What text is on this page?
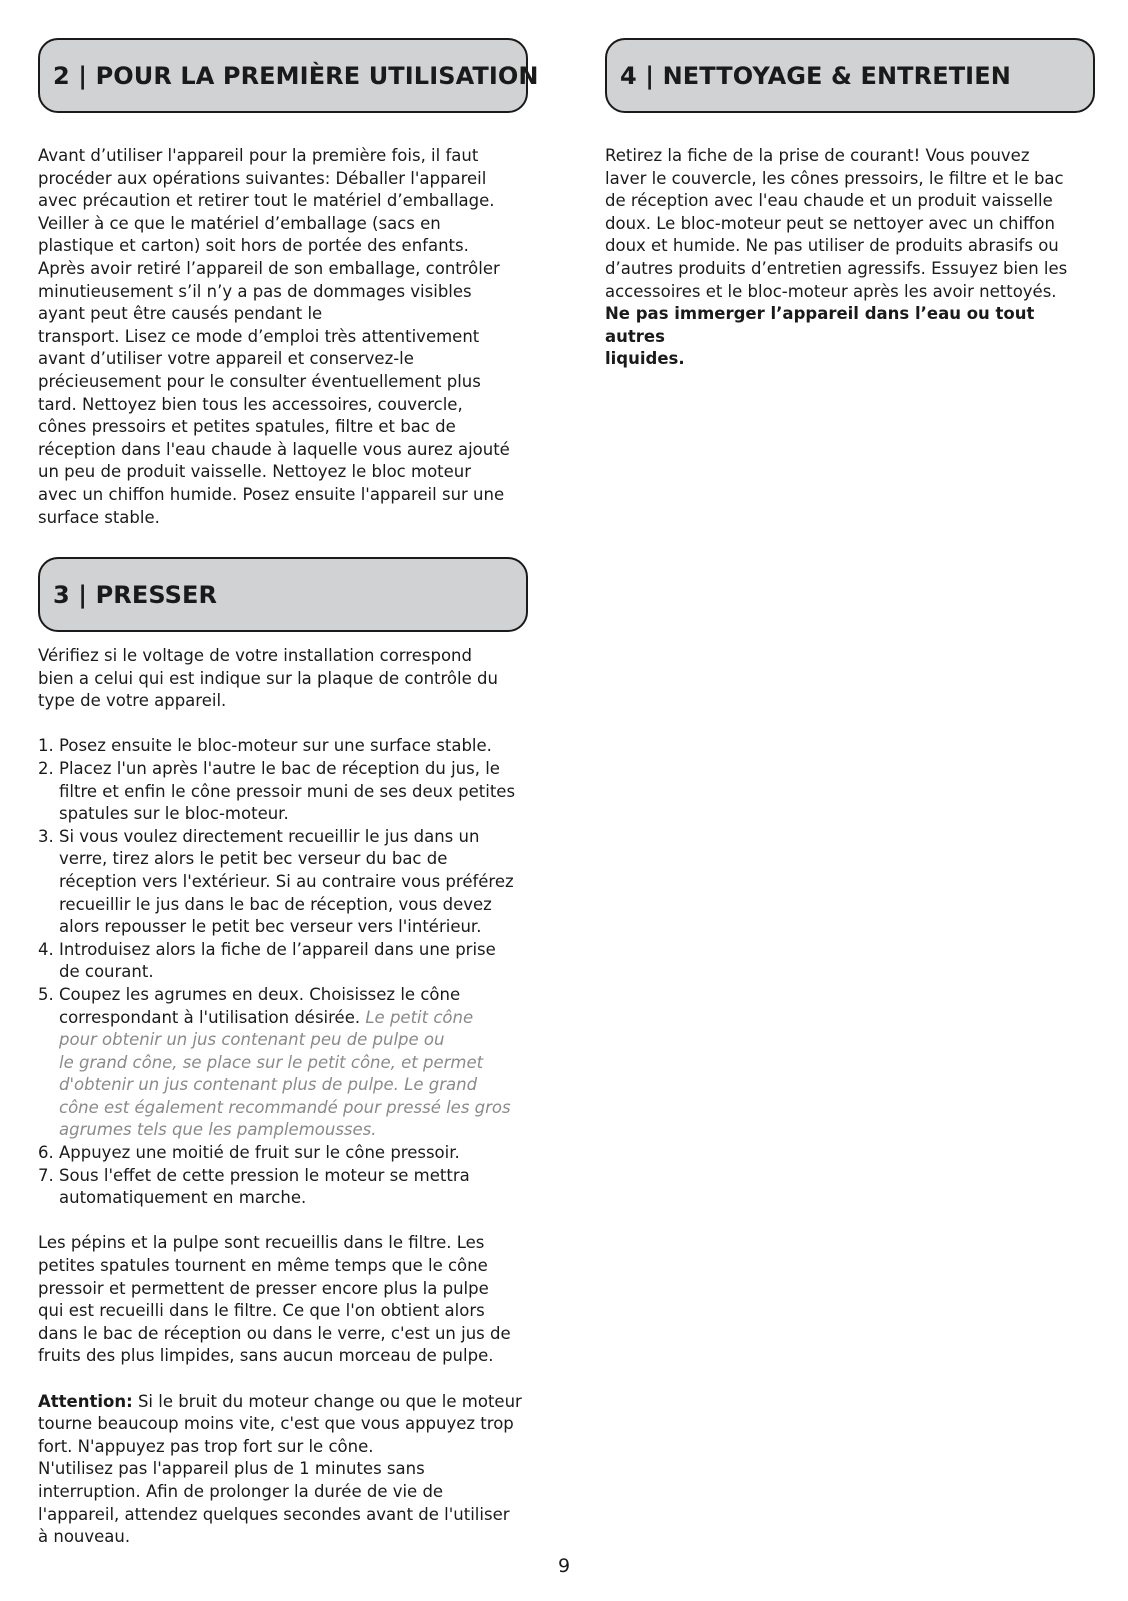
2 | POUR LA PREMIÈRE UTILISATION

Avant d’utiliser l'appareil pour la première fois, il faut
procéder aux opérations suivantes: Déballer l'appareil
avec précaution et retirer tout le matériel d’emballage.
Veiller à ce que le matériel d’emballage (sacs en
plastique et carton) soit hors de portée des enfants.
Après avoir retiré l’appareil de son emballage, contrôler
minutieusement s’il n’y a pas de dommages visibles
ayant peut être causés pendant le
transport. Lisez ce mode d’emploi très attentivement
avant d’utiliser votre appareil et conservez-le
précieusement pour le consulter éventuellement plus
tard. Nettoyez bien tous les accessoires, couvercle,
cônes pressoirs et petites spatules, filtre et bac de
réception dans l'eau chaude à laquelle vous aurez ajouté
un peu de produit vaisselle. Nettoyez le bloc moteur
avec un chiffon humide. Posez ensuite l'appareil sur une
surface stable.

3 | PRESSER

Vérifiez si le voltage de votre installation correspond
bien a celui qui est indique sur la plaque de contrôle du
type de votre appareil.

1. Posez ensuite le bloc-moteur sur une surface stable.
2. Placez l'un après l'autre le bac de réception du jus, le
filtre et enfin le cône pressoir muni de ses deux petites
spatules sur le bloc-moteur.
3. Si vous voulez directement recueillir le jus dans un
verre, tirez alors le petit bec verseur du bac de
réception vers l'extérieur. Si au contraire vous préférez
recueillir le jus dans le bac de réception, vous devez
alors repousser le petit bec verseur vers l'intérieur.
4. Introduisez alors la fiche de l’appareil dans une prise
de courant.
5. Coupez les agrumes en deux. Choisissez le cône
correspondant à l'utilisation désirée. Le petit cône
pour obtenir un jus contenant peu de pulpe ou
le grand cône, se place sur le petit cône, et permet
d'obtenir un jus contenant plus de pulpe. Le grand
cône est également recommandé pour pressé les gros
agrumes tels que les pamplemousses.
6. Appuyez une moitié de fruit sur le cône pressoir.
7. Sous l'effet de cette pression le moteur se mettra
automatiquement en marche.

Les pépins et la pulpe sont recueillis dans le filtre. Les
petites spatules tournent en même temps que le cône
pressoir et permettent de presser encore plus la pulpe
qui est recueilli dans le filtre. Ce que l'on obtient alors
dans le bac de réception ou dans le verre, c'est un jus de
fruits des plus limpides, sans aucun morceau de pulpe.

Attention: Si le bruit du moteur change ou que le moteur
tourne beaucoup moins vite, c'est que vous appuyez trop
fort. N'appuyez pas trop fort sur le cône.
N'utilisez pas l'appareil plus de 1 minutes sans
interruption. Afin de prolonger la durée de vie de
l'appareil, attendez quelques secondes avant de l'utiliser
à nouveau.

4 | NETTOYAGE & ENTRETIEN

Retirez la fiche de la prise de courant! Vous pouvez
laver le couvercle, les cônes pressoirs, le filtre et le bac
de réception avec l'eau chaude et un produit vaisselle
doux. Le bloc-moteur peut se nettoyer avec un chiffon
doux et humide. Ne pas utiliser de produits abrasifs ou
d’autres produits d’entretien agressifs. Essuyez bien les
accessoires et le bloc-moteur après les avoir nettoyés.

Ne pas immerger l’appareil dans l’eau ou tout autres
liquides.

9
